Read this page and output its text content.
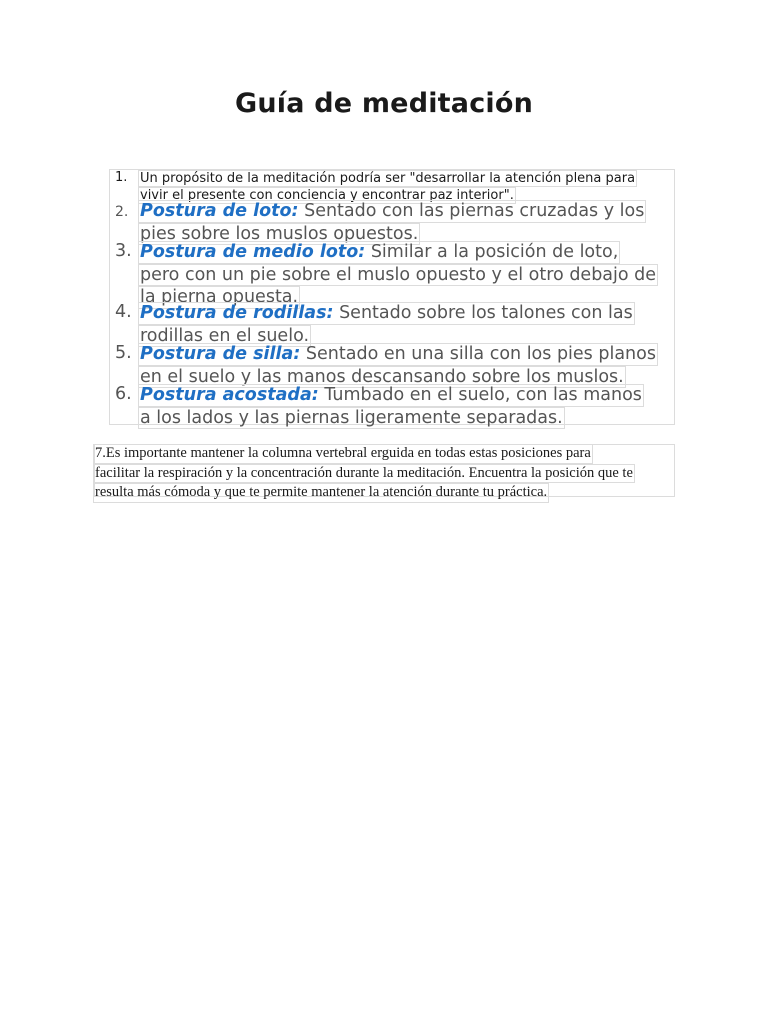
Guía de meditación
1. Un propósito de la meditación podría ser "desarrollar la atención plena para
vivir el presente con conciencia y encontrar paz interior".
2. Postura de loto: Sentado con las piernas cruzadas y los
pies sobre los muslos opuestos.
3. Postura de medio loto: Similar a la posición de loto,
pero con un pie sobre el muslo opuesto y el otro debajo de
la pierna opuesta.
4. Postura de rodillas: Sentado sobre los talones con las
rodillas en el suelo.
5. Postura de silla: Sentado en una silla con los pies planos
en el suelo y las manos descansando sobre los muslos.
6. Postura acostada: Tumbado en el suelo, con las manos
a los lados y las piernas ligeramente separadas.
7.Es importante mantener la columna vertebral erguida en todas estas posiciones para
facilitar la respiración y la concentración durante la meditación. Encuentra la posición que te
resulta más cómoda y que te permite mantener la atención durante tu práctica.
